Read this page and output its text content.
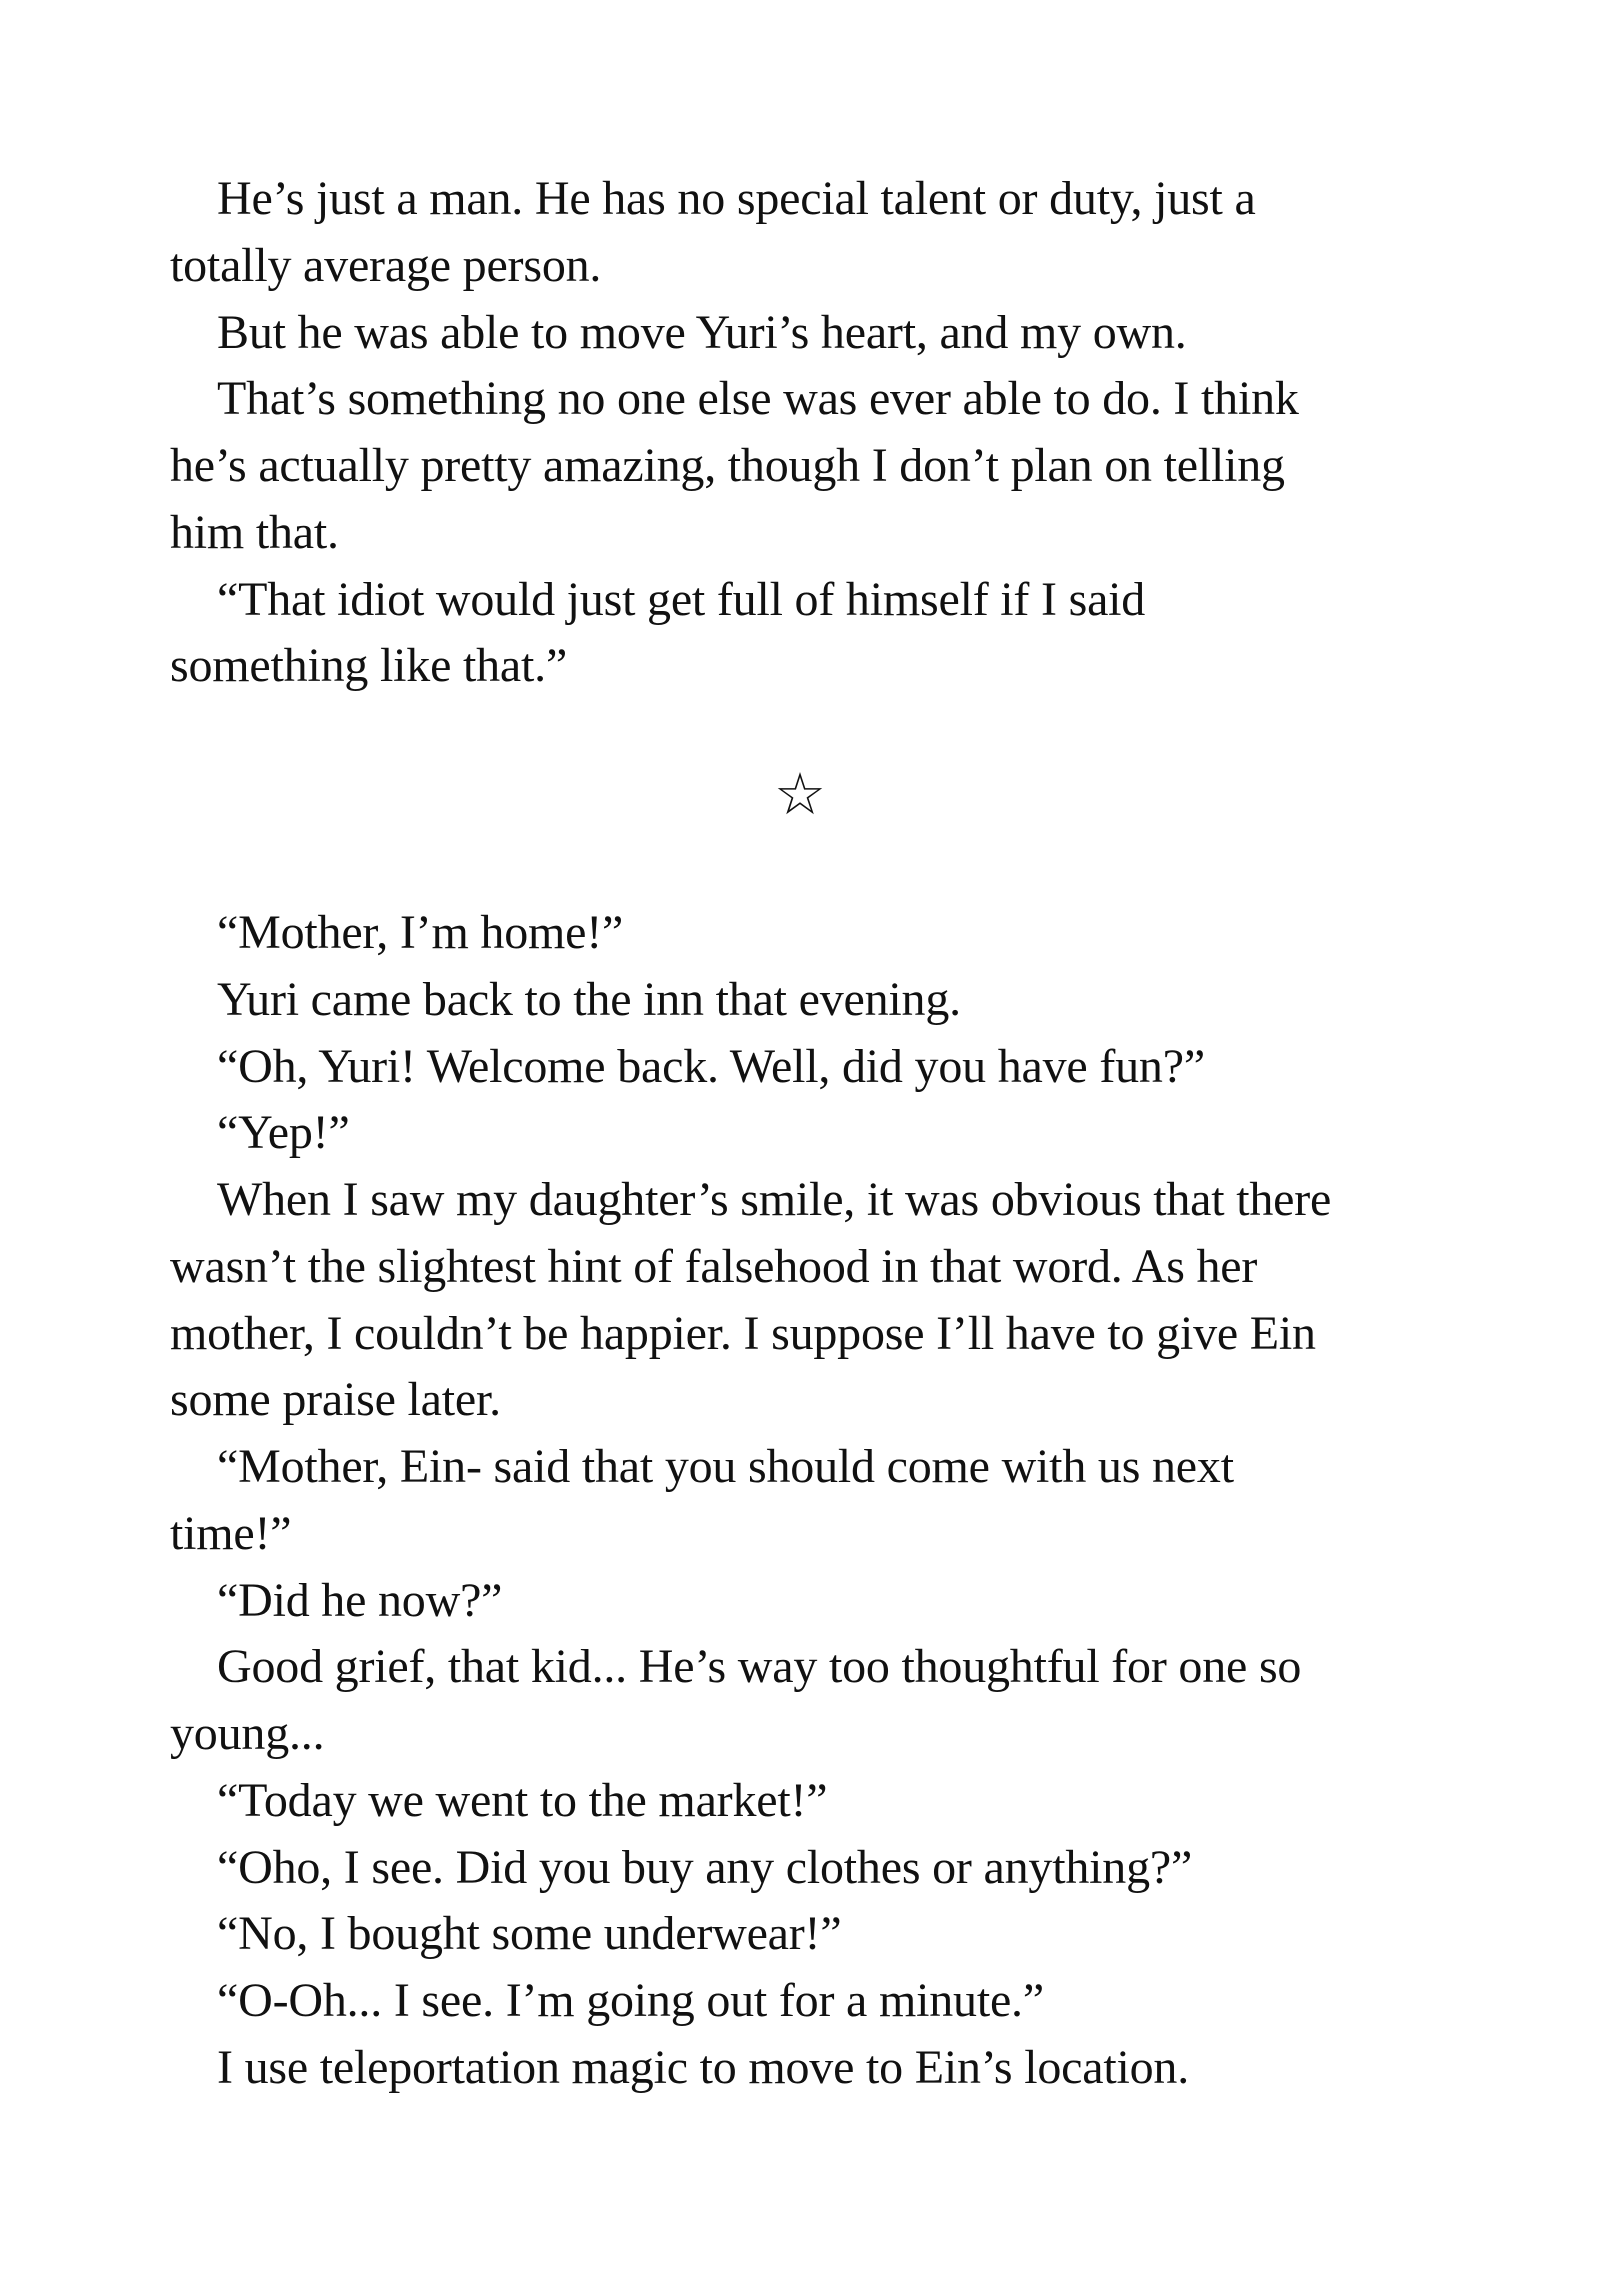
He’s just a man. He has no special talent or duty, just a
totally average person.
But he was able to move Yuri’s heart, and my own.
That’s something no one else was ever able to do. I think
he’s actually pretty amazing, though I don’t plan on telling
him that.
“That idiot would just get full of himself if I said
something like that.”
☆
“Mother, I’m home!”
Yuri came back to the inn that evening.
“Oh, Yuri! Welcome back. Well, did you have fun?”
“Yep!”
When I saw my daughter’s smile, it was obvious that there
wasn’t the slightest hint of falsehood in that word. As her
mother, I couldn’t be happier. I suppose I’ll have to give Ein
some praise later.
“Mother, Ein- said that you should come with us next
time!”
“Did he now?”
Good grief, that kid... He’s way too thoughtful for one so
young...
“Today we went to the market!”
“Oho, I see. Did you buy any clothes or anything?”
“No, I bought some underwear!”
“O-Oh... I see. I’m going out for a minute.”
I use teleportation magic to move to Ein’s location.
